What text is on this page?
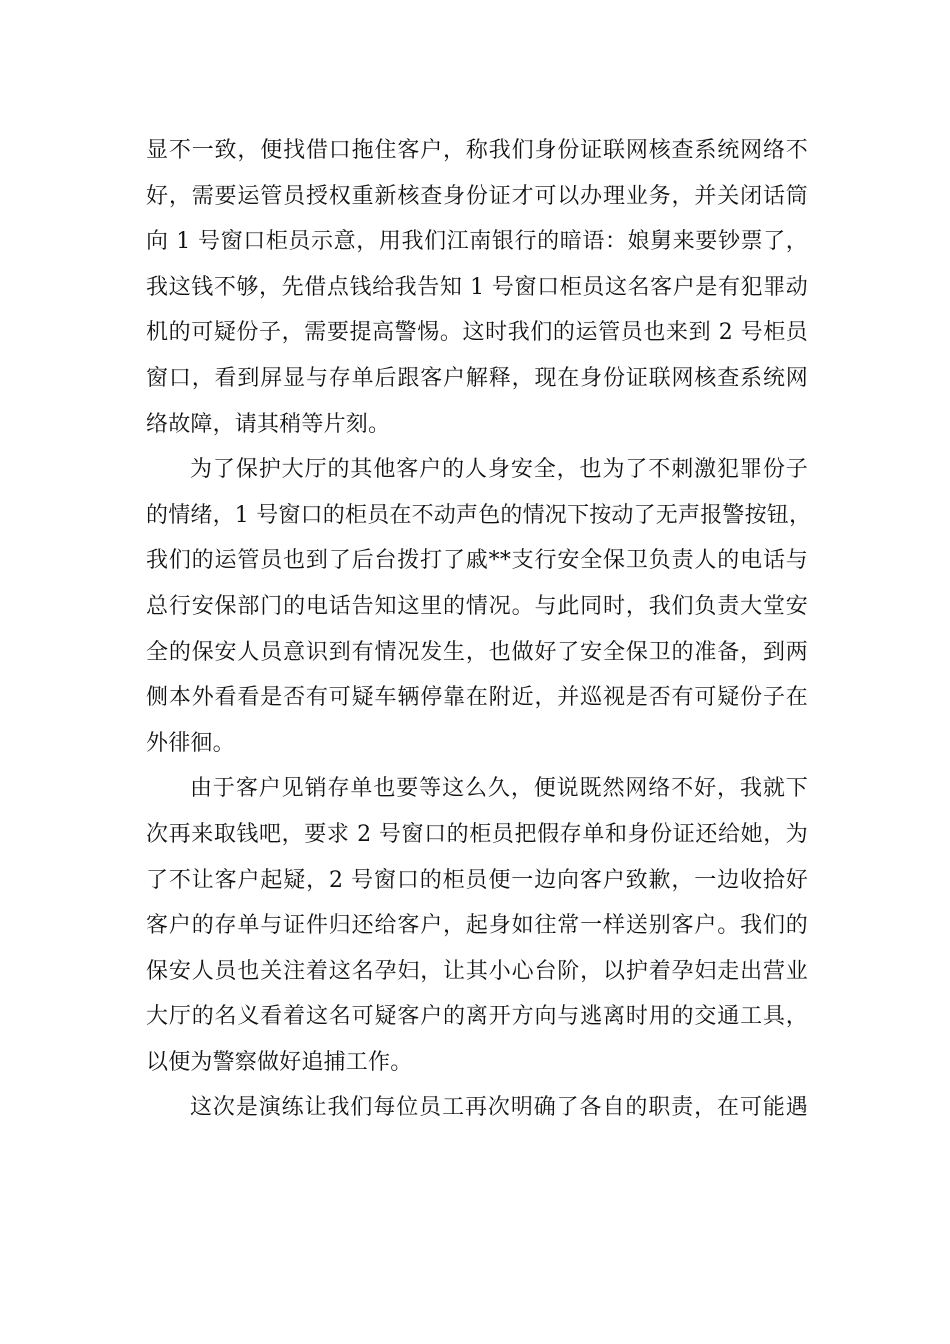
显不一致，便找借口拖住客户，称我们身份证联网核查系统网络不
好，需要运管员授权重新核查身份证才可以办理业务，并关闭话筒
向 1 号窗口柜员示意，用我们江南银行的暗语：娘舅来要钞票了，
我这钱不够，先借点钱给我告知 1 号窗口柜员这名客户是有犯罪动
机的可疑份子，需要提高警惕。这时我们的运管员也来到 2 号柜员
窗口，看到屏显与存单后跟客户解释，现在身份证联网核查系统网
络故障，请其稍等片刻。
为了保护大厅的其他客户的人身安全，也为了不刺激犯罪份子
的情绪，1 号窗口的柜员在不动声色的情况下按动了无声报警按钮，
我们的运管员也到了后台拨打了戚**支行安全保卫负责人的电话与
总行安保部门的电话告知这里的情况。与此同时，我们负责大堂安
全的保安人员意识到有情况发生，也做好了安全保卫的准备，到两
侧本外看看是否有可疑车辆停靠在附近，并巡视是否有可疑份子在
外徘徊。
由于客户见销存单也要等这么久，便说既然网络不好，我就下
次再来取钱吧，要求 2 号窗口的柜员把假存单和身份证还给她，为
了不让客户起疑，2 号窗口的柜员便一边向客户致歉，一边收拾好
客户的存单与证件归还给客户，起身如往常一样送别客户。我们的
保安人员也关注着这名孕妇，让其小心台阶，以护着孕妇走出营业
大厅的名义看着这名可疑客户的离开方向与逃离时用的交通工具，
以便为警察做好追捕工作。
这次是演练让我们每位员工再次明确了各自的职责，在可能遇
